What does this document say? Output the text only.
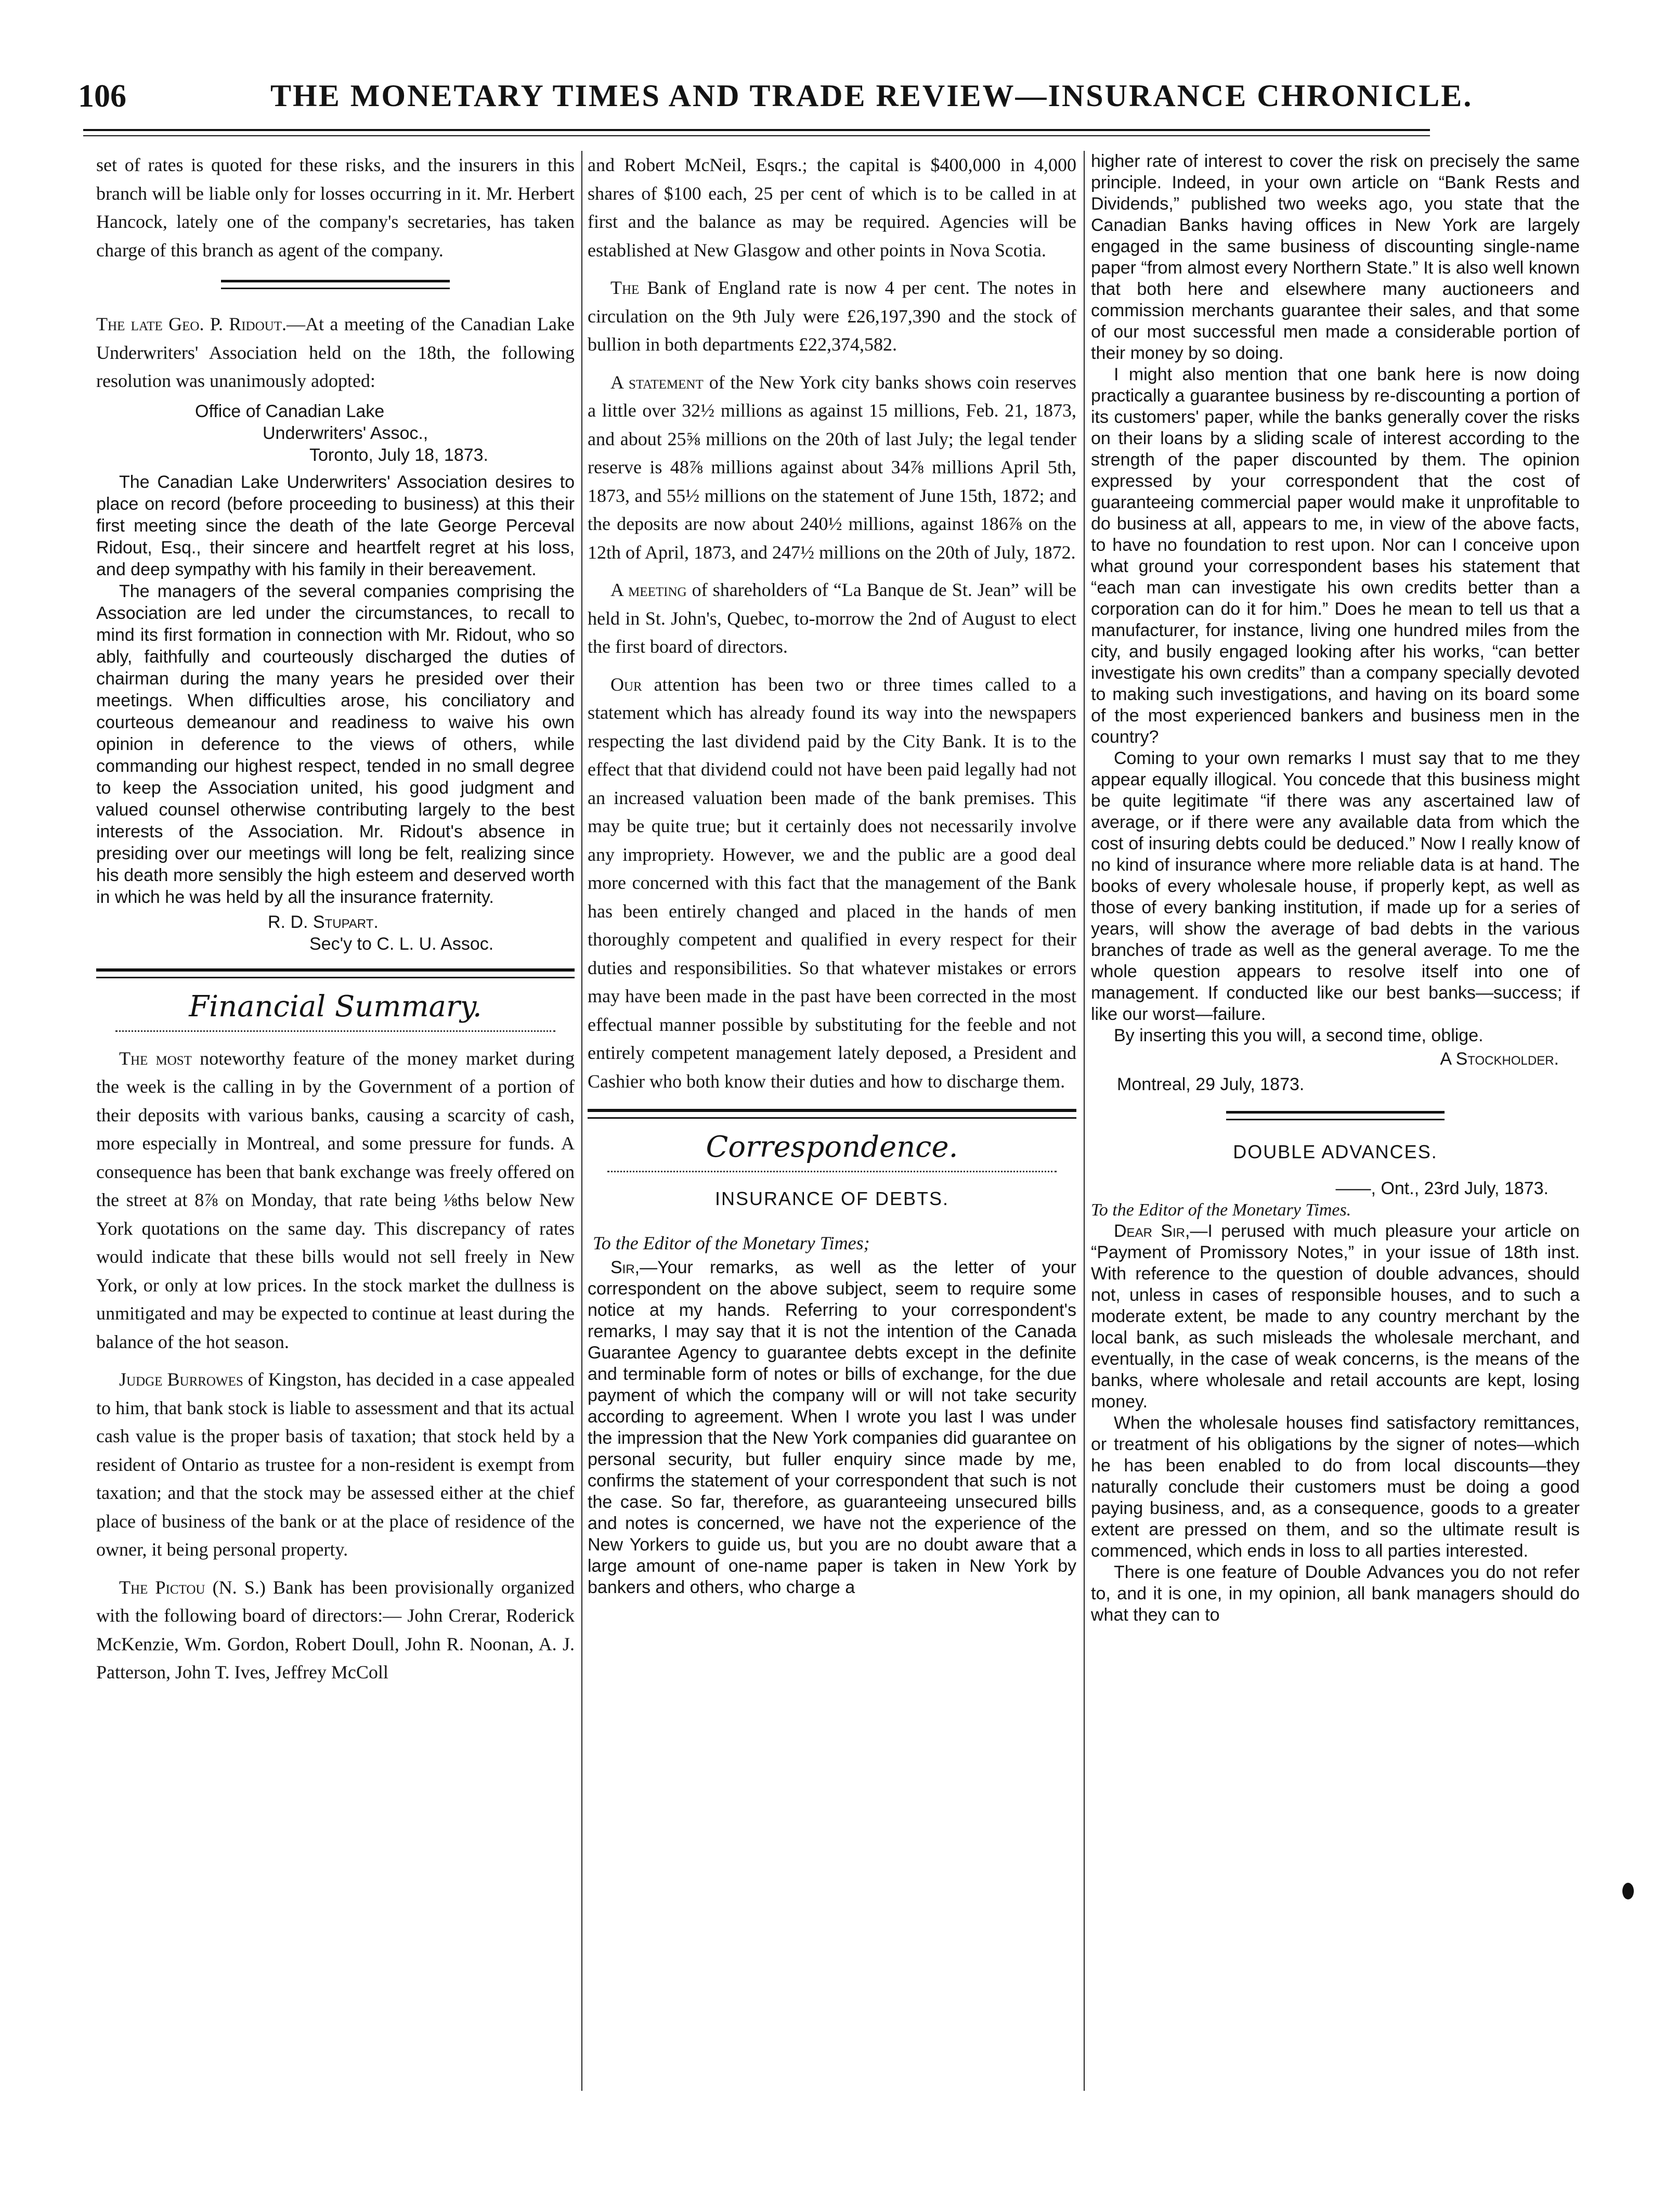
106	THE MONETARY TIMES AND TRADE REVIEW—INSURANCE CHRONICLE.

set of rates is quoted for these risks, and the insurers in this branch will be liable only for losses occurring in it. Mr. Herbert Hancock, lately one of the company's secretaries, has taken charge of this branch as agent of the company.

The late Geo. P. Ridout.—At a meeting of the Canadian Lake Underwriters' Association held on the 18th, the following resolution was unanimously adopted:

Office of Canadian Lake
Underwriters' Assoc.,
Toronto, July 18, 1873.

The Canadian Lake Underwriters' Association desires to place on record (before proceeding to business) at this their first meeting since the death of the late George Perceval Ridout, Esq., their sincere and heartfelt regret at his loss, and deep sympathy with his family in their bereavement.

The managers of the several companies comprising the Association are led under the circumstances, to recall to mind its first formation in connection with Mr. Ridout, who so ably, faithfully and courteously discharged the duties of chairman during the many years he presided over their meetings. When difficulties arose, his conciliatory and courteous demeanour and readiness to waive his own opinion in deference to the views of others, while commanding our highest respect, tended in no small degree to keep the Association united, his good judgment and valued counsel otherwise contributing largely to the best interests of the Association. Mr. Ridout's absence in presiding over our meetings will long be felt, realizing since his death more sensibly the high esteem and deserved worth in which he was held by all the insurance fraternity.

R. D. Stupart.
Sec'y to C. L. U. Assoc.
Financial Summary.

The most noteworthy feature of the money market during the week is the calling in by the Government of a portion of their deposits with various banks, causing a scarcity of cash, more especially in Montreal, and some pressure for funds. A consequence has been that bank exchange was freely offered on the street at 8⅞ on Monday, that rate being ⅛ths below New York quotations on the same day. This discrepancy of rates would indicate that these bills would not sell freely in New York, or only at low prices. In the stock market the dullness is unmitigated and may be expected to continue at least during the balance of the hot season.

Judge Burrowes of Kingston, has decided in a case appealed to him, that bank stock is liable to assessment and that its actual cash value is the proper basis of taxation; that stock held by a resident of Ontario as trustee for a non-resident is exempt from taxation; and that the stock may be assessed either at the chief place of business of the bank or at the place of residence of the owner, it being personal property.

The Pictou (N. S.) Bank has been provisionally organized with the following board of directors:— John Crerar, Roderick McKenzie, Wm. Gordon, Robert Doull, John R. Noonan, A. J. Patterson, John T. Ives, Jeffrey McColl

and Robert McNeil, Esqrs.; the capital is $400,000 in 4,000 shares of $100 each, 25 per cent of which is to be called in at first and the balance as may be required. Agencies will be established at New Glasgow and other points in Nova Scotia.

The Bank of England rate is now 4 per cent. The notes in circulation on the 9th July were £26,197,390 and the stock of bullion in both departments £22,374,582.

A statement of the New York city banks shows coin reserves a little over 32½ millions as against 15 millions, Feb. 21, 1873, and about 25⅝ millions on the 20th of last July; the legal tender reserve is 48⅞ millions against about 34⅞ millions April 5th, 1873, and 55½ millions on the statement of June 15th, 1872; and the deposits are now about 240½ millions, against 186⅞ on the 12th of April, 1873, and 247½ millions on the 20th of July, 1872.

A meeting of shareholders of “La Banque de St. Jean” will be held in St. John's, Quebec, to-morrow the 2nd of August to elect the first board of directors.

Our attention has been two or three times called to a statement which has already found its way into the newspapers respecting the last dividend paid by the City Bank. It is to the effect that that dividend could not have been paid legally had not an increased valuation been made of the bank premises. This may be quite true; but it certainly does not necessarily involve any impropriety. However, we and the public are a good deal more concerned with this fact that the management of the Bank has been entirely changed and placed in the hands of men thoroughly competent and qualified in every respect for their duties and responsibilities. So that whatever mistakes or errors may have been made in the past have been corrected in the most effectual manner possible by substituting for the feeble and not entirely competent management lately deposed, a President and Cashier who both know their duties and how to discharge them.

Correspondence.
INSURANCE OF DEBTS.

To the Editor of the Monetary Times;

Sir,—Your remarks, as well as the letter of your correspondent on the above subject, seem to require some notice at my hands. Referring to your correspondent's remarks, I may say that it is not the intention of the Canada Guarantee Agency to guarantee debts except in the definite and terminable form of notes or bills of exchange, for the due payment of which the company will or will not take security according to agreement. When I wrote you last I was under the impression that the New York companies did guarantee on personal security, but fuller enquiry since made by me, confirms the statement of your correspondent that such is not the case. So far, therefore, as guaranteeing unsecured bills and notes is concerned, we have not the experience of the New Yorkers to guide us, but you are no doubt aware that a large amount of one-name paper is taken in New York by bankers and others, who charge a

higher rate of interest to cover the risk on precisely the same principle. Indeed, in your own article on “Bank Rests and Dividends,” published two weeks ago, you state that the Canadian Banks having offices in New York are largely engaged in the same business of discounting single-name paper “from almost every Northern State.” It is also well known that both here and elsewhere many auctioneers and commission merchants guarantee their sales, and that some of our most successful men made a considerable portion of their money by so doing.

I might also mention that one bank here is now doing practically a guarantee business by re-discounting a portion of its customers' paper, while the banks generally cover the risks on their loans by a sliding scale of interest according to the strength of the paper discounted by them. The opinion expressed by your correspondent that the cost of guaranteeing commercial paper would make it unprofitable to do business at all, appears to me, in view of the above facts, to have no foundation to rest upon. Nor can I conceive upon what ground your correspondent bases his statement that “each man can investigate his own credits better than a corporation can do it for him.” Does he mean to tell us that a manufacturer, for instance, living one hundred miles from the city, and busily engaged looking after his works, “can better investigate his own credits” than a company specially devoted to making such investigations, and having on its board some of the most experienced bankers and business men in the country?

Coming to your own remarks I must say that to me they appear equally illogical. You concede that this business might be quite legitimate “if there was any ascertained law of average, or if there were any available data from which the cost of insuring debts could be deduced.” Now I really know of no kind of insurance where more reliable data is at hand. The books of every wholesale house, if properly kept, as well as those of every banking institution, if made up for a series of years, will show the average of bad debts in the various branches of trade as well as the general average. To me the whole question appears to resolve itself into one of management. If conducted like our best banks—success; if like our worst—failure.

By inserting this you will, a second time, oblige.

A Stockholder.
Montreal, 29 July, 1873.
DOUBLE ADVANCES.
——, Ont., 23rd July, 1873.

To the Editor of the Monetary Times.

Dear Sir,—I perused with much pleasure your article on “Payment of Promissory Notes,” in your issue of 18th inst. With reference to the question of double advances, should not, unless in cases of responsible houses, and to such a moderate extent, be made to any country merchant by the local bank, as such misleads the wholesale merchant, and eventually, in the case of weak concerns, is the means of the banks, where wholesale and retail accounts are kept, losing money.

When the wholesale houses find satisfactory remittances, or treatment of his obligations by the signer of notes—which he has been enabled to do from local discounts—they naturally conclude their customers must be doing a good paying business, and, as a consequence, goods to a greater extent are pressed on them, and so the ultimate result is commenced, which ends in loss to all parties interested.

There is one feature of Double Advances you do not refer to, and it is one, in my opinion, all bank managers should do what they can to
